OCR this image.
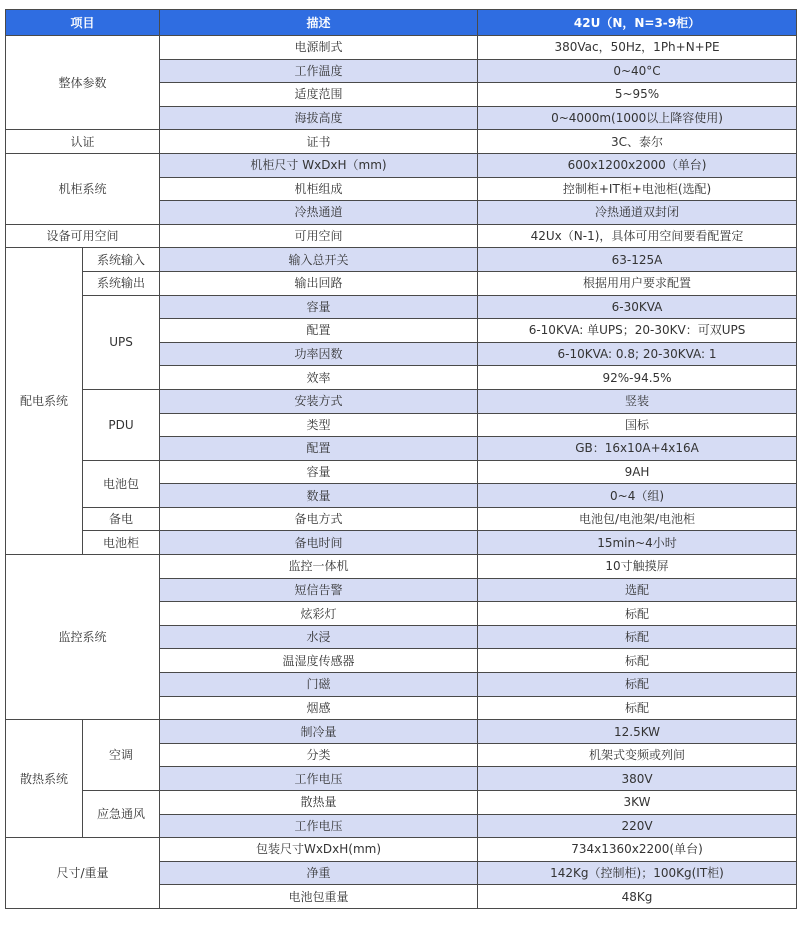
项目		描述	42U（N，N=3-9柜）
整体参数		电源制式	380Vac，50Hz，1Ph+N+PE
		工作温度	0~40°C
		适度范围	5~95%
		海拔高度	0~4000m(1000以上降容使用)
认证		证书	3C、泰尔
机柜系统		机柜尺寸 WxDxH（mm)	600x1200x2000（单台)
		机柜组成	控制柜+IT柜+电池柜(选配)
		冷热通道	冷热通道双封闭
设备可用空间		可用空间	42Ux（N-1)，具体可用空间要看配置定
配电系统	系统输入	输入总开关	63-125A
	系统输出	输出回路	根据用用户要求配置
	UPS	容量	6-30KVA
		配置	6-10KVA: 单UPS；20-30KV：可双UPS
		功率因数	6-10KVA: 0.8; 20-30KVA: 1
		效率	92%-94.5%
	PDU	安装方式	竖装
		类型	国标
		配置	GB：16x10A+4x16A
	电池包	容量	9AH
		数量	0~4（组)
	备电	备电方式	电池包/电池架/电池柜
	电池柜	备电时间	15min~4小时
监控系统		监控一体机	10寸触摸屏
		短信告警	选配
		炫彩灯	标配
		水浸	标配
		温湿度传感器	标配
		门磁	标配
		烟感	标配
散热系统	空调	制冷量	12.5KW
		分类	机架式变频或列间
		工作电压	380V
	应急通风	散热量	3KW
		工作电压	220V
尺寸/重量		包装尺寸WxDxH(mm)	734x1360x2200(单台)
		净重	142Kg（控制柜)；100Kg(IT柜)
		电池包重量	48Kg
